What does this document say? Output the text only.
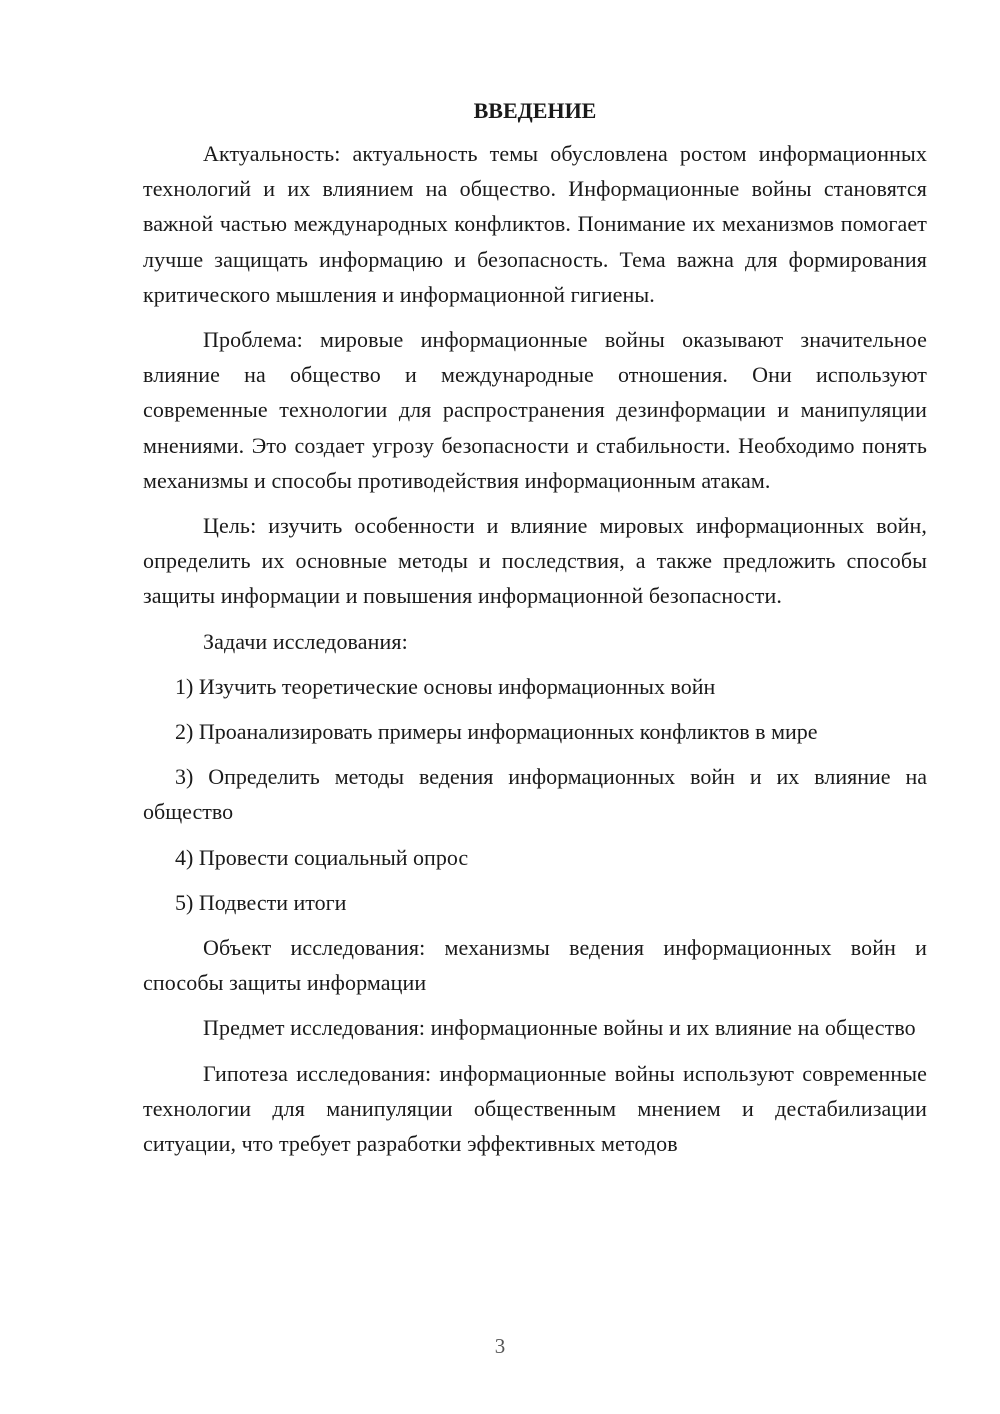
ВВЕДЕНИЕ

Актуальность: актуальность темы обусловлена ростом информационных технологий и их влиянием на общество. Информационные войны становятся важной частью международных конфликтов. Понимание их механизмов помогает лучше защищать информацию и безопасность. Тема важна для формирования критического мышления и информационной гигиены.

Проблема: мировые информационные войны оказывают значительное влияние на общество и международные отношения. Они используют современные технологии для распространения дезинформации и манипуляции мнениями. Это создает угрозу безопасности и стабильности. Необходимо понять механизмы и способы противодействия информационным атакам.

Цель: изучить особенности и влияние мировых информационных войн, определить их основные методы и последствия, а также предложить способы защиты информации и повышения информационной безопасности.

Задачи исследования:

1) Изучить теоретические основы информационных войн

2) Проанализировать примеры информационных конфликтов в мире

3) Определить методы ведения информационных войн и их влияние на общество

4) Провести социальный опрос

5) Подвести итоги

Объект исследования: механизмы ведения информационных войн и способы защиты информации

Предмет исследования: информационные войны и их влияние на общество

Гипотеза исследования: информационные войны используют современные технологии для манипуляции общественным мнением и дестабилизации ситуации, что требует разработки эффективных методов

3
